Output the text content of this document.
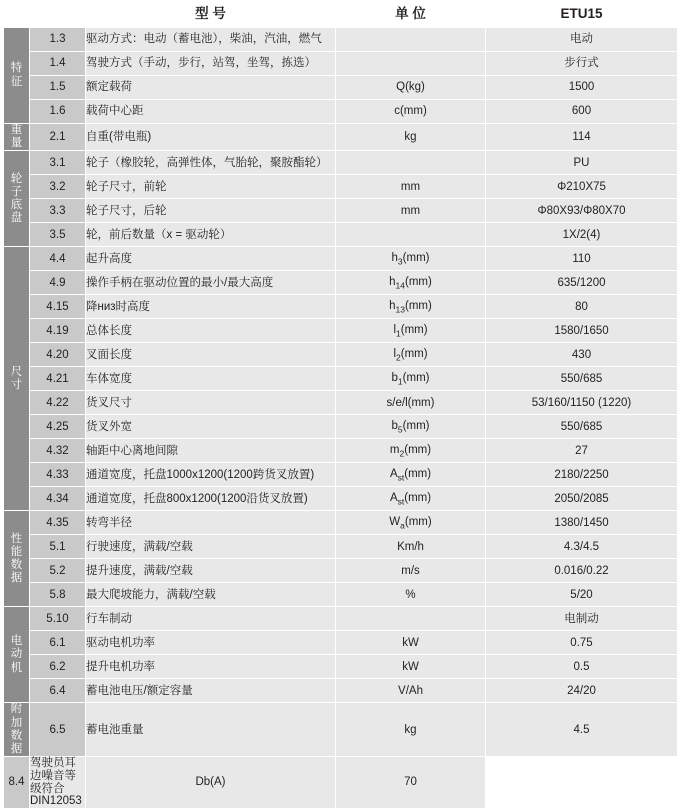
		型 号	单 位	ETU15

特征	1.3	驱动方式：电动（蓄电池），柴油，汽油，燃气		电动
	1.4	驾驶方式（手动，步行，站驾，坐驾，拣选）		步行式
	1.5	额定载荷	Q(kg)	1500
	1.6	载荷中心距	c(mm)	600

重量	2.1	自重(带电瓶)	kg	114

轮子底盘	3.1	轮子（橡胶轮，高弹性体，气胎轮，聚胺酯轮）		PU
	3.2	轮子尺寸，前轮	mm	Φ210X75
	3.3	轮子尺寸，后轮	mm	Φ80X93/Φ80X70
	3.5	轮，前后数量（x = 驱动轮）		1X/2(4)

尺寸	4.4	起升高度	$h_3(mm)$	110
	4.9	操作手柄在驱动位置的最小/最大高度	$h_{14}(mm)$	635/1200
	4.15	降низ时高度	$h_{13}(mm)$	80
	4.19	总体长度	$l_1(mm)$	1580/1650
	4.20	叉面长度	$l_2(mm)$	430
	4.21	车体宽度	$b_1(mm)$	550/685
	4.22	货叉尺寸	s/e/l(mm)	53/160/1150 (1220)
	4.25	货叉外宽	$b_5(mm)$	550/685
	4.32	轴距中心离地间隙	$m_2(mm)$	27
	4.33	通道宽度，托盘1000x1200(1200跨货叉放置)	$A_{st}(mm)$	2180/2250
	4.34	通道宽度，托盘800x1200(1200沿货叉放置)	$A_{st}(mm)$	2050/2085

性能数据	4.35	转弯半径	$W_a(mm)$	1380/1450
	5.1	行驶速度，满载/空载	Km/h	4.3/4.5
	5.2	提升速度，满载/空载	m/s	0.016/0.22
	5.8	最大爬坡能力，满载/空载	%	5/20

电动机	5.10	行车制动		电制动
	6.1	驱动电机功率	kW	0.75
	6.2	提升电机功率	kW	0.5
	6.4	蓄电池电压/额定容量	V/Ah	24/20

附加数据	6.5	蓄电池重量	kg	4.5
8.4	驾驶员耳边噪音等级符合DIN12053	Db(A)	70	
